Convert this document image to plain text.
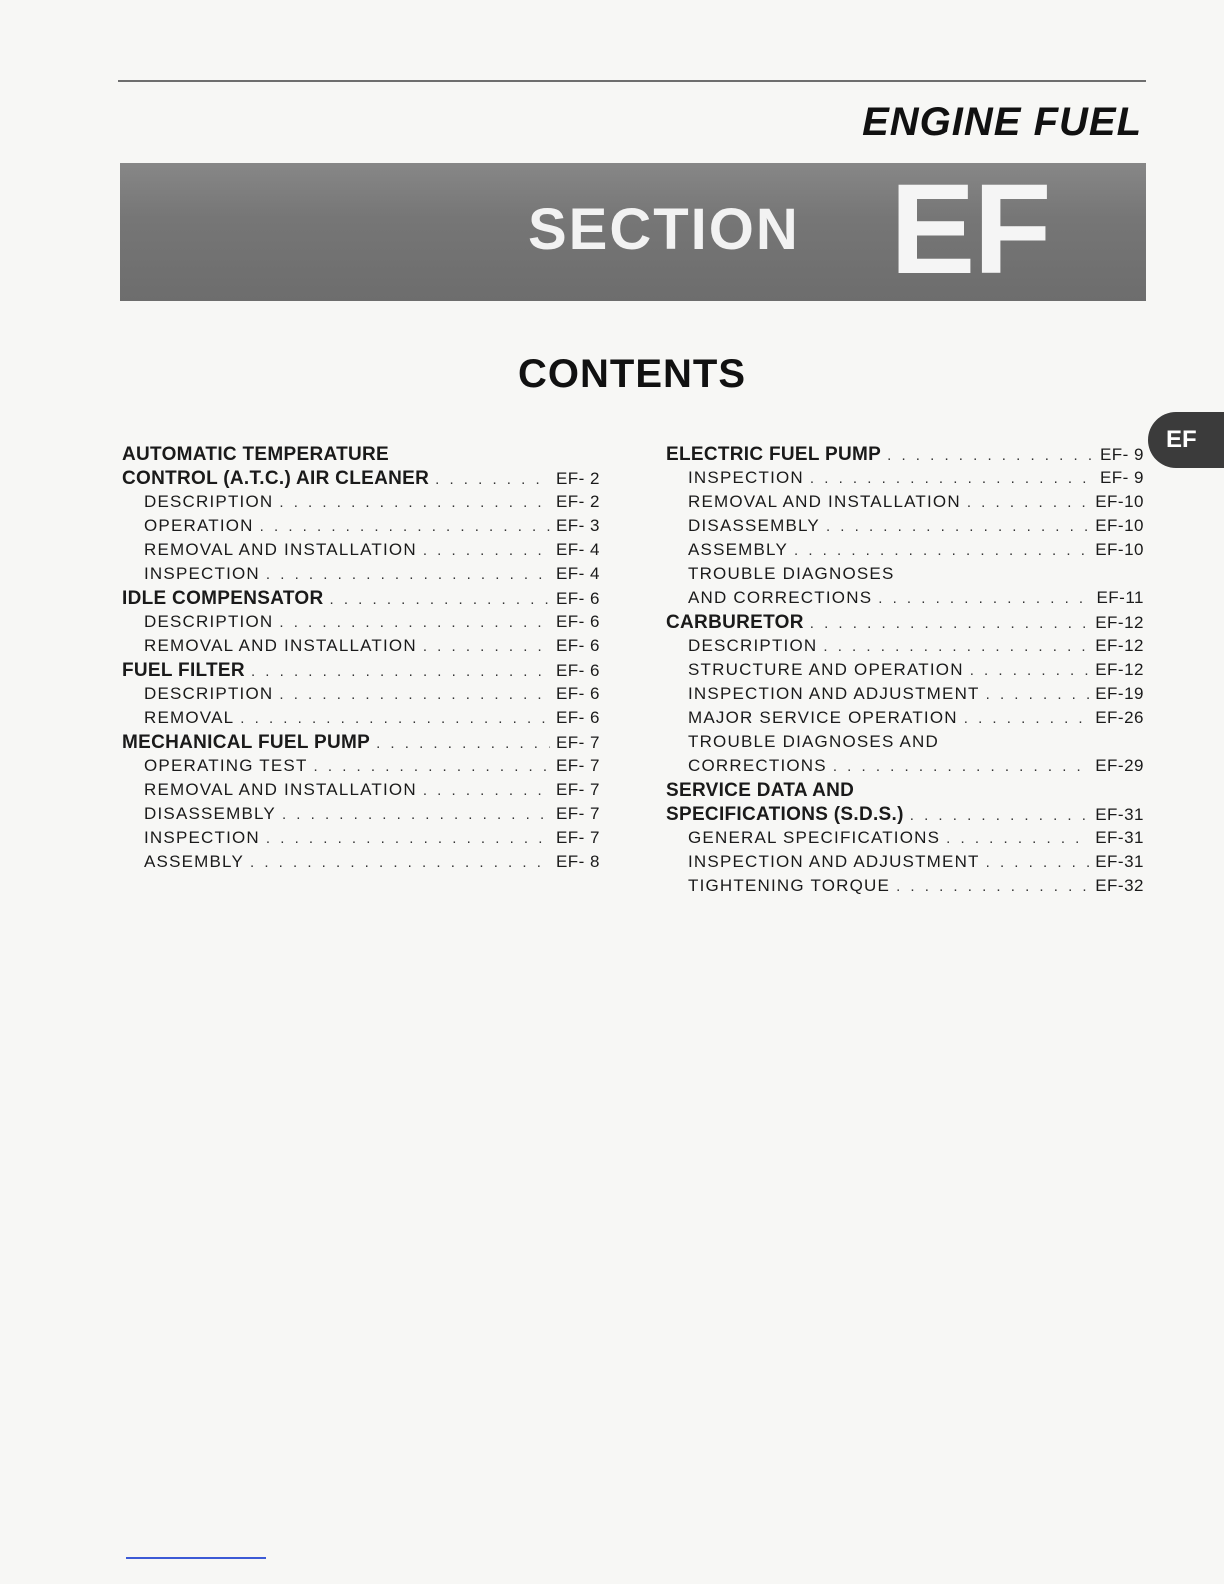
ENGINE FUEL
SECTION EF
CONTENTS
EF
AUTOMATIC TEMPERATURE
CONTROL (A.T.C.) AIR CLEANER . . .	EF- 2
DESCRIPTION . . .	EF- 2
OPERATION . . .	EF- 3
REMOVAL AND INSTALLATION . . .	EF- 4
INSPECTION . . .	EF- 4
IDLE COMPENSATOR . . .	EF- 6
DESCRIPTION . . .	EF- 6
REMOVAL AND INSTALLATION . . .	EF- 6
FUEL FILTER . . .	EF- 6
DESCRIPTION . . .	EF- 6
REMOVAL . . .	EF- 6
MECHANICAL FUEL PUMP . . .	EF- 7
OPERATING TEST . . .	EF- 7
REMOVAL AND INSTALLATION . . .	EF- 7
DISASSEMBLY . . .	EF- 7
INSPECTION . . .	EF- 7
ASSEMBLY . . .	EF- 8
ELECTRIC FUEL PUMP . . .	EF- 9
INSPECTION . . .	EF- 9
REMOVAL AND INSTALLATION . . .	EF-10
DISASSEMBLY . . .	EF-10
ASSEMBLY . . .	EF-10
TROUBLE DIAGNOSES
AND CORRECTIONS . . .	EF-11
CARBURETOR . . .	EF-12
DESCRIPTION . . .	EF-12
STRUCTURE AND OPERATION . . .	EF-12
INSPECTION AND ADJUSTMENT . . .	EF-19
MAJOR SERVICE OPERATION . . .	EF-26
TROUBLE DIAGNOSES AND
CORRECTIONS . . .	EF-29
SERVICE DATA AND
SPECIFICATIONS (S.D.S.) . . .	EF-31
GENERAL SPECIFICATIONS . . .	EF-31
INSPECTION AND ADJUSTMENT . . .	EF-31
TIGHTENING TORQUE . . .	EF-32
